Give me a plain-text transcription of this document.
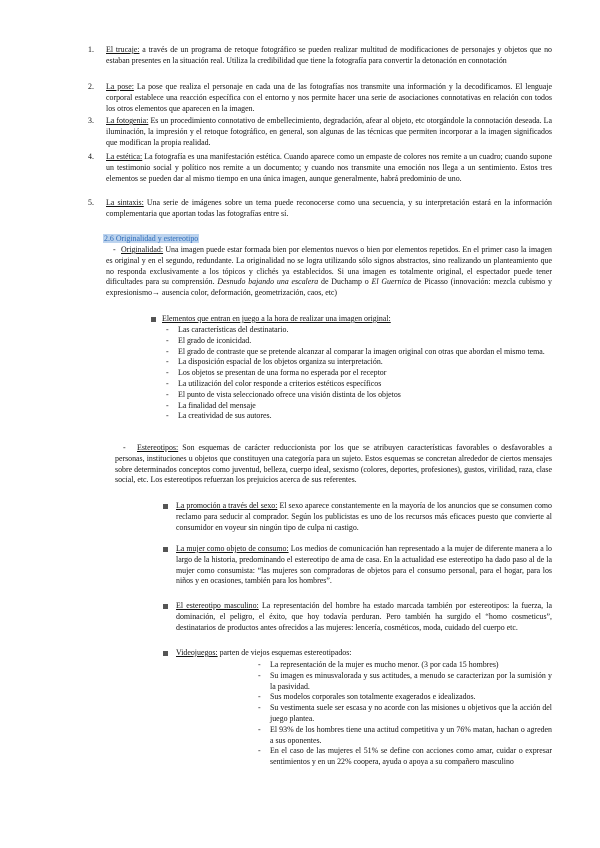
1. El trucaje: a través de un programa de retoque fotográfico se pueden realizar multitud de modificaciones de personajes y objetos que no estaban presentes en la situación real. Utiliza la credibilidad que tiene la fotografía para convertir la detonación en connotación
2. La pose: La pose que realiza el personaje en cada una de las fotografías nos transmite una información y la decodificamos. El lenguaje corporal establece una reacción específica con el entorno y nos permite hacer una serie de asociaciones connotativas en relación con todos los otros elementos que aparecen en la imagen.
3. La fotogenia: Es un procedimiento connotativo de embellecimiento, degradación, afear al objeto, etc otorgándole la connotación deseada. La iluminación, la impresión y el retoque fotográfico, en general, son algunas de las técnicas que permiten incorporar a la imagen significados que modifican la propia realidad.
4. La estética: La fotografía es una manifestación estética. Cuando aparece como un empaste de colores nos remite a un cuadro; cuando supone un testimonio social y político nos remite a un documento; y cuando nos transmite una emoción nos llega a un sentimiento. Estos tres elementos se pueden dar al mismo tiempo en una única imagen, aunque generalmente, habrá predominio de uno.
5. La sintaxis: Una serie de imágenes sobre un tema puede reconocerse como una secuencia, y su interpretación estará en la información complementaria que aportan todas las fotografías entre sí.
2.6 Originalidad y estereotipo
- Originalidad: Una imagen puede estar formada bien por elementos nuevos o bien por elementos repetidos. En el primer caso la imagen es original y en el segundo, redundante. La originalidad no se logra utilizando sólo signos abstractos, sino realizando un planteamiento que no responda exclusivamente a los tópicos y clichés ya establecidos. Si una imagen es totalmente original, el espectador puede tener dificultades para su comprensión. Desnudo bajando una escalera de Duchamp o El Guernica de Picasso (innovación: mezcla cubismo y expresionismo→ ausencia color, deformación, geometrización, caos, etc)
Elementos que entran en juego a la hora de realizar una imagen original:
-	Las características del destinatario.
-	El grado de iconicidad.
-	El grado de contraste que se pretende alcanzar al comparar la imagen original con otras que abordan el mismo tema.
-	La disposición espacial de los objetos organiza su interpretación.
-	Los objetos se presentan de una forma no esperada por el receptor
-	La utilización del color responde a criterios estéticos específicos
-	El punto de vista seleccionado ofrece una visión distinta de los objetos
-	La finalidad del mensaje
-	La creatividad de sus autores.
-	Estereotipos: Son esquemas de carácter reduccionista por los que se atribuyen características favorables o desfavorables a personas, instituciones u objetos que constituyen una categoría para un sujeto. Estos esquemas se concretan alrededor de ciertos mensajes sobre determinados conceptos como juventud, belleza, cuerpo ideal, sexismo (colores, deportes, profesiones), gustos, virilidad, raza, clase social, etc. Los estereotipos refuerzan los prejuicios acerca de sus referentes.
La promoción a través del sexo: El sexo aparece constantemente en la mayoría de los anuncios que se consumen como reclamo para seducir al comprador. Según los publicistas es uno de los recursos más eficaces puesto que convierte al consumidor en voyeur sin ningún tipo de culpa ni castigo.
La mujer como objeto de consumo: Los medios de comunicación han representado a la mujer de diferente manera a lo largo de la historia, predominando el estereotipo de ama de casa. En la actualidad ese estereotipo ha dado paso al de la mujer como consumista: “las mujeres son compradoras de objetos para el consumo personal, para el hogar, para los niños y en ocasiones, también para los hombres”.
El estereotipo masculino: La representación del hombre ha estado marcada también por estereotipos: la fuerza, la dominación, el peligro, el éxito, que hoy todavía perduran. Pero también ha surgido el “homo cosmeticus”, destinatarios de productos antes ofrecidos a las mujeres: lencería, cosméticos, moda, cuidado del cuerpo etc.
Videojuegos: parten de viejos esquemas estereotipados:
-	La representación de la mujer es mucho menor. (3 por cada 15 hombres)
-	Su imagen es minusvalorada y sus actitudes, a menudo se caracterizan por la sumisión y la pasividad.
-	Sus modelos corporales son totalmente exagerados e idealizados.
-	Su vestimenta suele ser escasa y no acorde con las misiones u objetivos que la acción del juego plantea.
-	El 93% de los hombres tiene una actitud competitiva y un 76% matan, hachan o agreden a sus oponentes.
-	En el caso de las mujeres el 51% se define con acciones como amar, cuidar o expresar sentimientos y en un 22% coopera, ayuda o apoya a su compañero masculino
